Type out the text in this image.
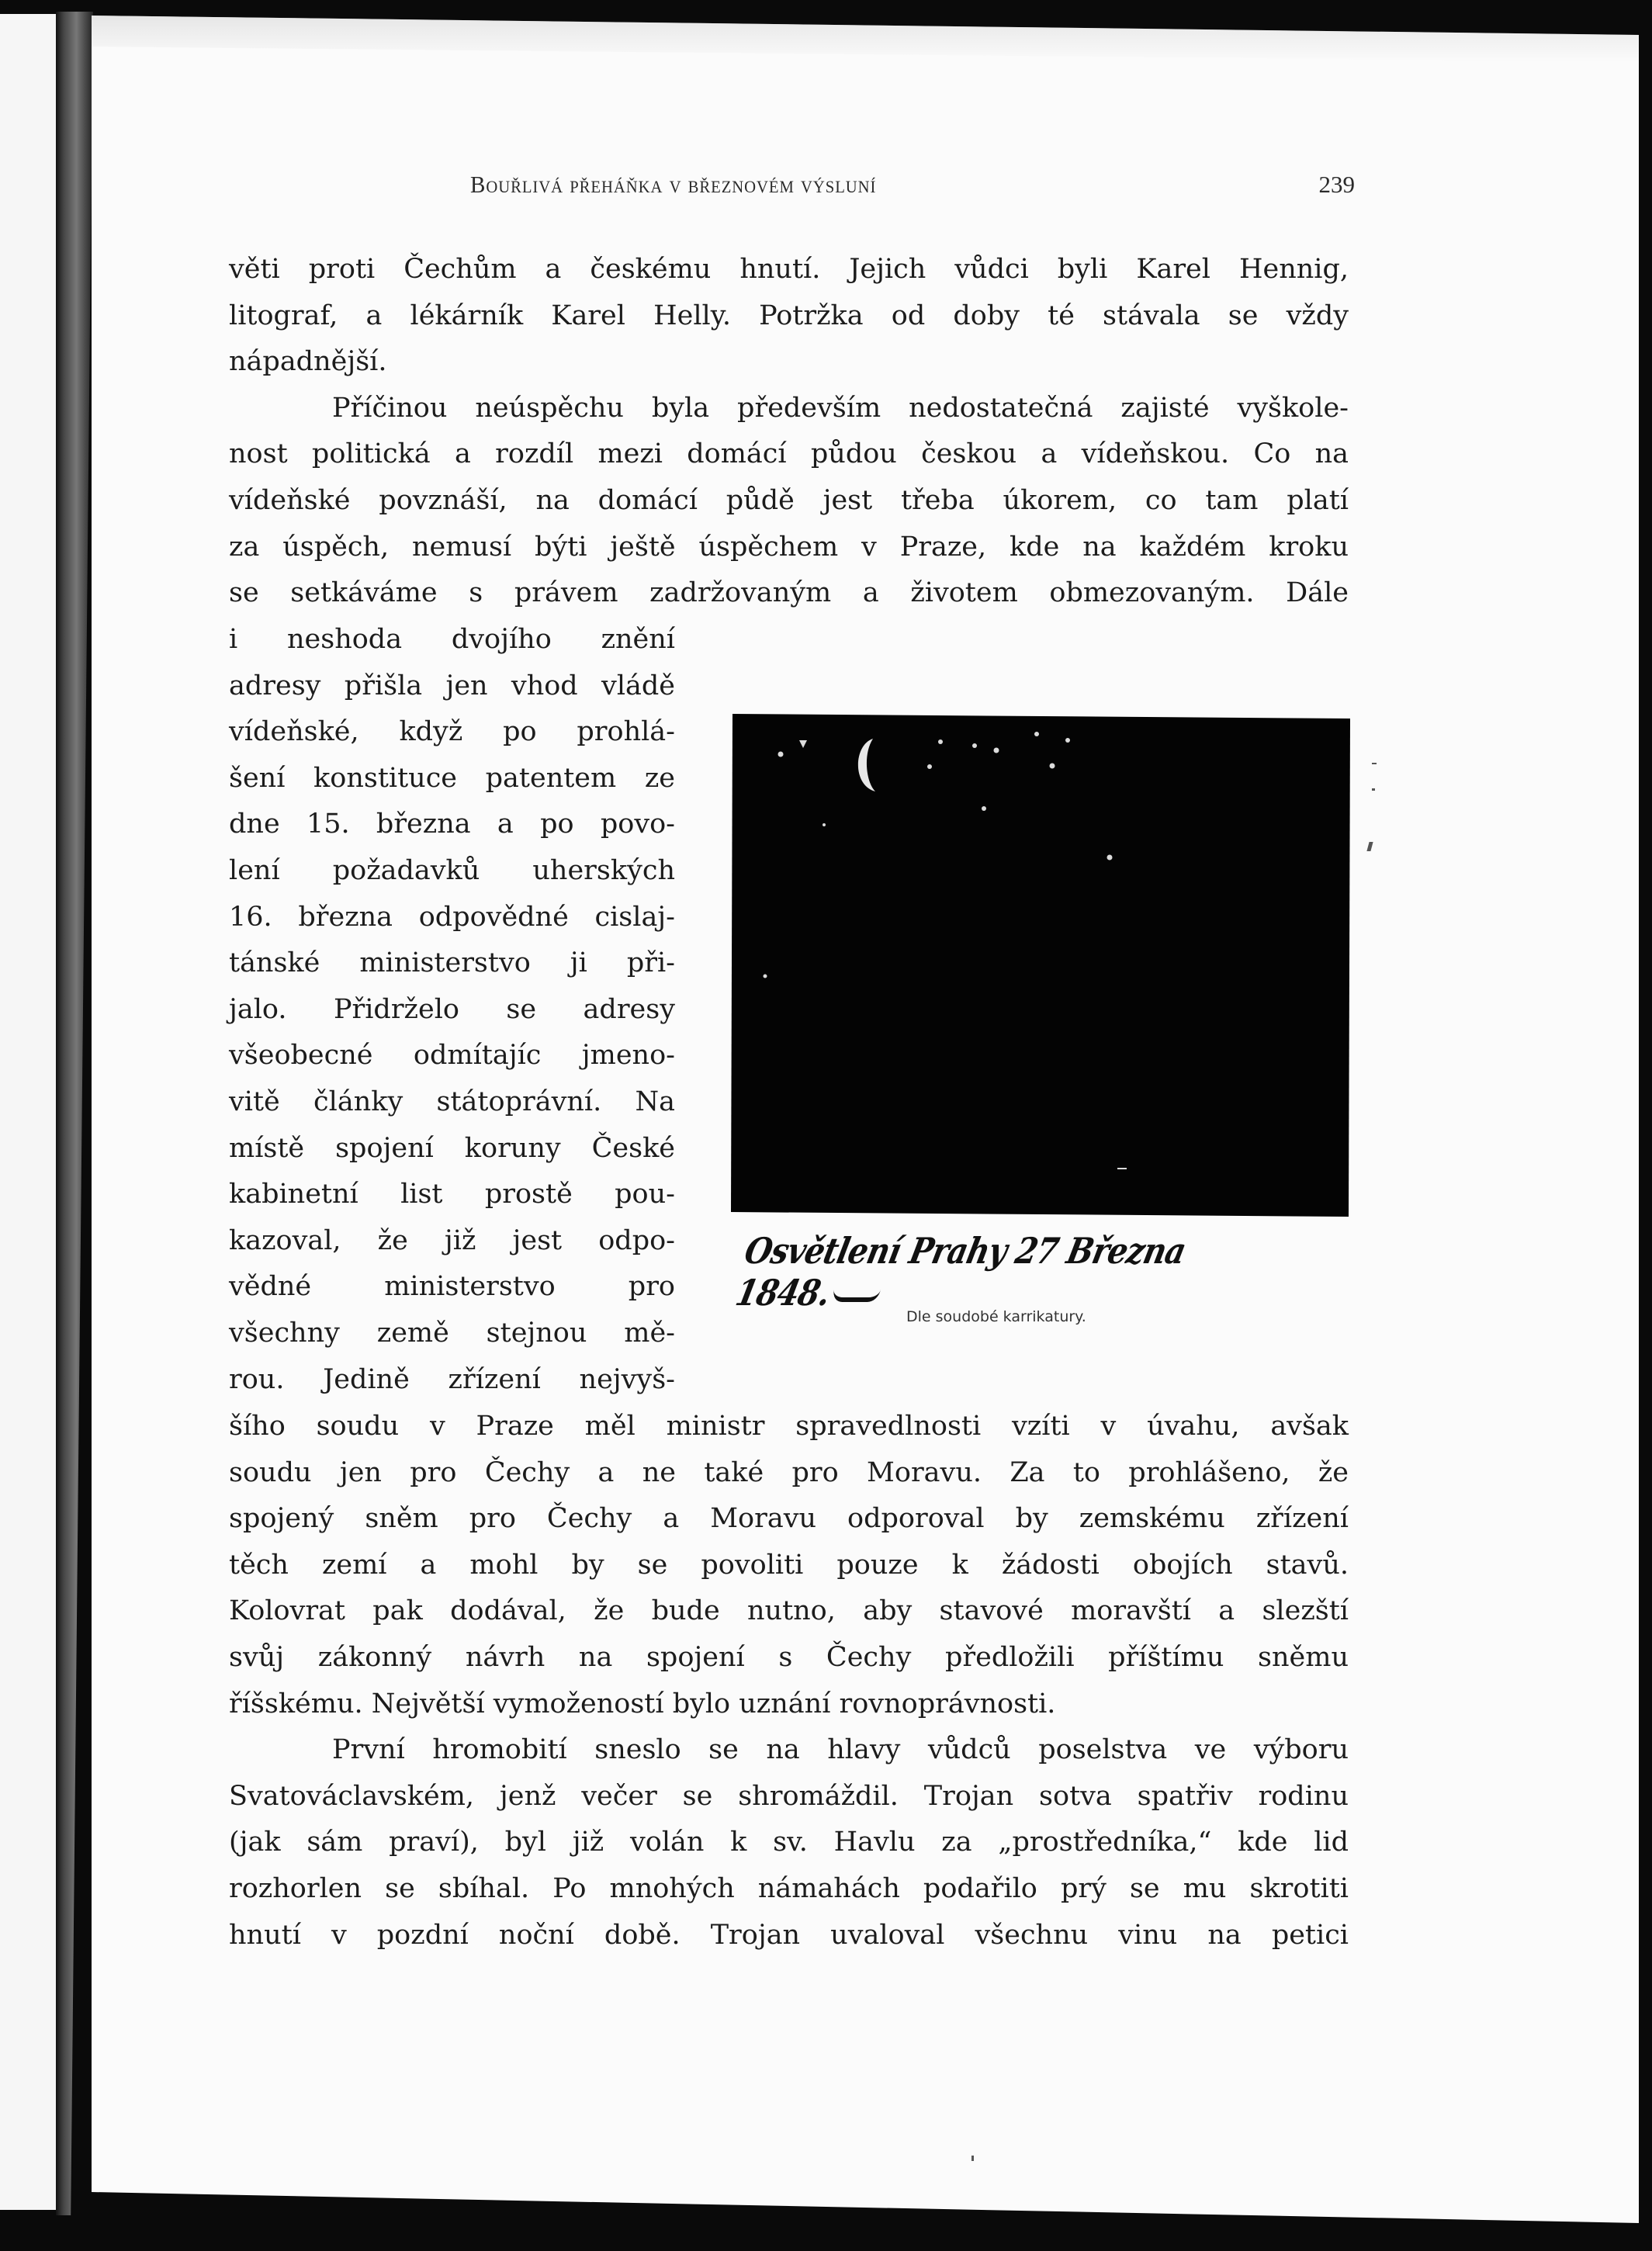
Bouřlivá přeháňka v březnovém výsluní	239
věti proti Čechům a českému hnutí. Jejich vůdci byli Karel Hennig,
litograf, a lékárník Karel Helly. Potržka od doby té stávala se vždy
nápadnější.
Příčinou neúspěchu byla především nedostatečná zajisté vyškole-
nost politická a rozdíl mezi domácí půdou českou a vídeňskou. Co na
vídeňské povznáší, na domácí půdě jest třeba úkorem, co tam platí
za úspěch, nemusí býti ještě úspěchem v Praze, kde na každém kroku
se setkáváme s právem zadržovaným a životem obmezovaným. Dále
i neshoda dvojího znění
adresy přišla jen vhod vládě
vídeňské, když po prohlá-
šení konstituce patentem ze
dne 15. března a po povo-
lení požadavků uherských
16. března odpovědné cislaj-
tánské ministerstvo ji při-
jalo. Přidrželo se adresy
všeobecné odmítajíc jmeno-
vitě články státoprávní. Na
místě spojení koruny České
kabinetní list prostě pou-
kazoval, že již jest odpo-
vědné ministerstvo pro
všechny země stejnou mě-
rou. Jedině zřízení nejvyš-
Osvětlení Prahy 27 Března 1848.
Dle soudobé karrikatury.
šího soudu v Praze měl ministr spravedlnosti vzíti v úvahu, avšak
soudu jen pro Čechy a ne také pro Moravu. Za to prohlášeno, že
spojený sněm pro Čechy a Moravu odporoval by zemskému zřízení
těch zemí a mohl by se povoliti pouze k žádosti obojích stavů.
Kolovrat pak dodával, že bude nutno, aby stavové moravští a slezští
svůj zákonný návrh na spojení s Čechy předložili příštímu sněmu
říšskému. Největší vymožeností bylo uznání rovnoprávnosti.
První hromobití sneslo se na hlavy vůdců poselstva ve výboru
Svatováclavském, jenž večer se shromáždil. Trojan sotva spatřiv rodinu
(jak sám praví), byl již volán k sv. Havlu za „prostředníka,“ kde lid
rozhorlen se sbíhal. Po mnohých námahách podařilo prý se mu skrotiti
hnutí v pozdní noční době. Trojan uvaloval všechnu vinu na petici
